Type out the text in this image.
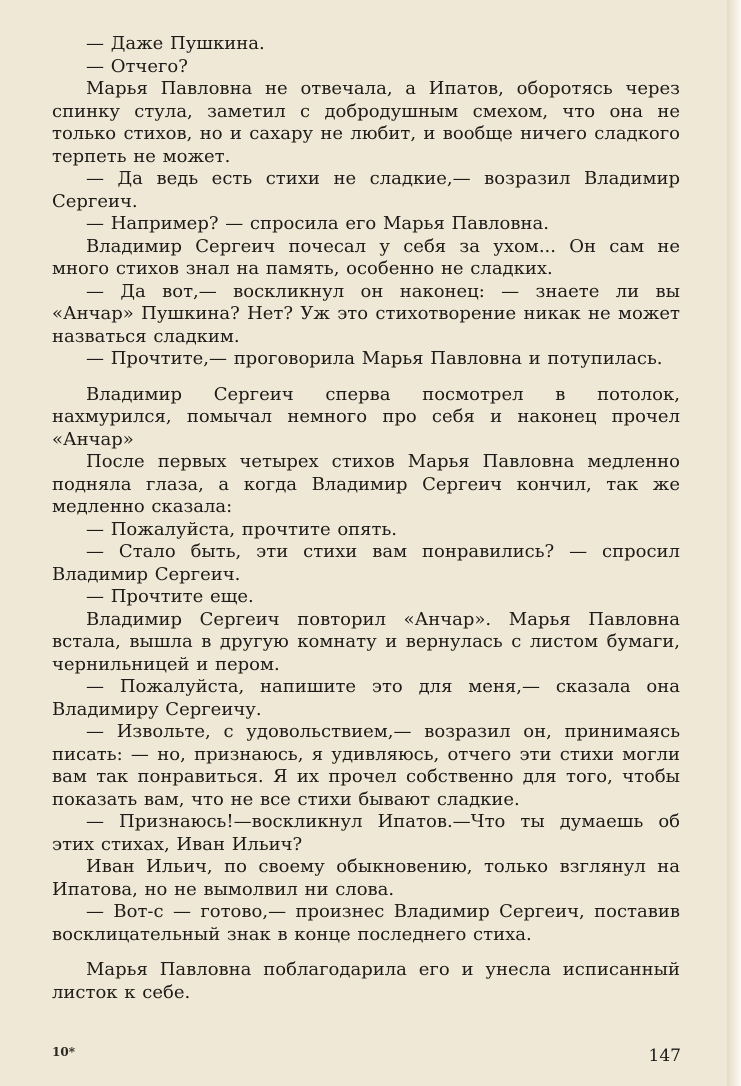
— Даже Пушкина.

— Отчего?

Марья Павловна не отвечала, а Ипатов, оборотясь через спинку стула, заметил с добродушным смехом, что она не только стихов, но и сахару не любит, и вообще ничего сладкого терпеть не может.

— Да ведь есть стихи не сладкие,— возразил Владимир Сергеич.

— Например? — спросила его Марья Павловна.

Владимир Сергеич почесал у себя за ухом... Он сам не много стихов знал на память, особенно не сладких.

— Да вот,— воскликнул он наконец: — знаете ли вы «Анчар» Пушкина? Нет? Уж это стихотворение никак не может назваться сладким.

— Прочтите,— проговорила Марья Павловна и потупилась.

Владимир Сергеич сперва посмотрел в потолок, нахмурился, помычал немного про себя и наконец прочел «Анчар»

После первых четырех стихов Марья Павловна медленно подняла глаза, а когда Владимир Сергеич кончил, так же медленно сказала:

— Пожалуйста, прочтите опять.

— Стало быть, эти стихи вам понравились? — спросил Владимир Сергеич.

— Прочтите еще.

Владимир Сергеич повторил «Анчар». Марья Павловна встала, вышла в другую комнату и вернулась с листом бумаги, чернильницей и пером.

— Пожалуйста, напишите это для меня,— сказала она Владимиру Сергеичу.

— Извольте, с удовольствием,— возразил он, принимаясь писать: — но, признаюсь, я удивляюсь, отчего эти стихи могли вам так понравиться. Я их прочел собственно для того, чтобы показать вам, что не все стихи бывают сладкие.

— Признаюсь!—воскликнул Ипатов.—Что ты думаешь об этих стихах, Иван Ильич?

Иван Ильич, по своему обыкновению, только взглянул на Ипатова, но не вымолвил ни слова.

— Вот-с — готово,— произнес Владимир Сергеич, поставив восклицательный знак в конце последнего стиха.

Марья Павловна поблагодарила его и унесла исписанный листок к себе.

10*	147
